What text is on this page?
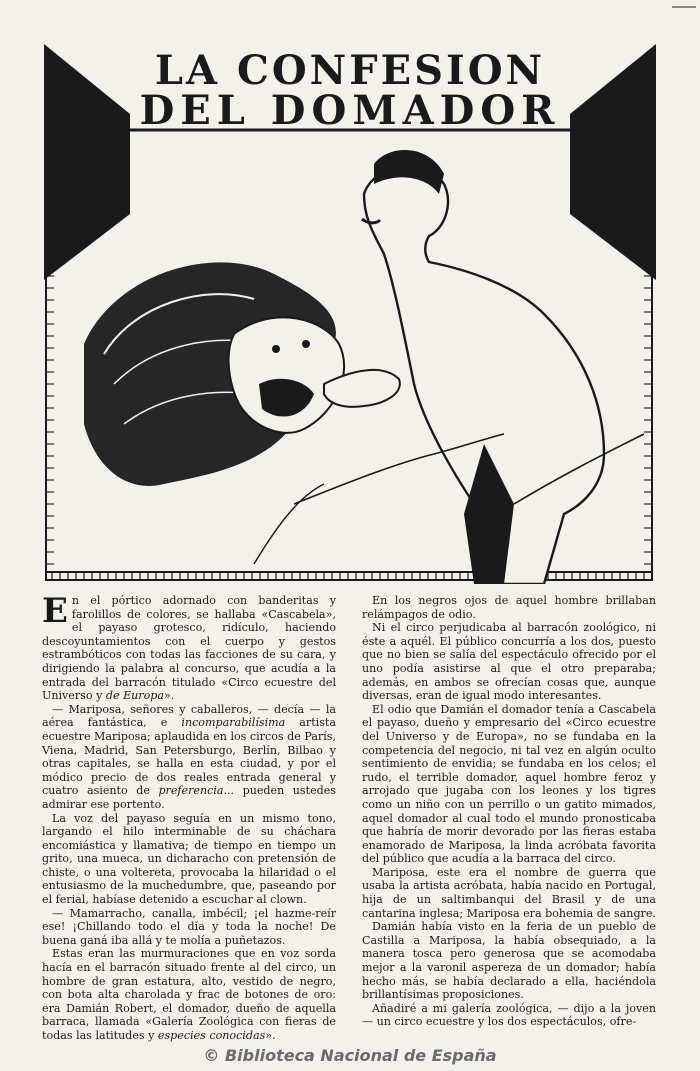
LA CONFESION
DEL DOMADOR

En el pórtico adornado con banderitas y farolillos de colores, se hallaba «Cascabela», el payaso grotesco, ridículo, haciendo descoyuntamientos con el cuerpo y gestos estrambóticos con todas las facciones de su cara, y dirigiendo la palabra al concurso, que acudía a la entrada del barracón titulado «Circo ecuestre del Universo y de Europa».

— Mariposa, señores y caballeros, — decía — la aérea fantástica, e incomparabilísima artista ecuestre Mariposa; aplaudida en los circos de París, Viena, Madrid, San Petersburgo, Berlín, Bilbao y otras capitales, se halla en esta ciudad, y por el módico precio de dos reales entrada general y cuatro asiento de preferencia... pueden ustedes admirar ese portento.

La voz del payaso seguía en un mismo tono, largando el hilo interminable de su cháchara encomiástica y llamativa; de tiempo en tiempo un grito, una mueca, un dicharacho con pretensión de chiste, o una voltereta, provocaba la hilaridad o el entusiasmo de la muchedumbre, que, paseando por el ferial, habíase detenido a escuchar al clown.

— Mamarracho, canalla, imbécil; ¡el hazme-reír ese! ¡Chillando todo el día y toda la noche! De buena ganá iba allá y te molía a puñetazos.

Estas eran las murmuraciones que en voz sorda hacía en el barracón situado frente al del circo, un hombre de gran estatura, alto, vestido de negro, con bota alta charolada y frac de botones de oro: era Damián Robert, el domador, dueño de aquella barraca, llamada «Galería Zoológica con fieras de todas las latitudes y especies conocidas».

En los negros ojos de aquel hombre brillaban relámpagos de odio.

Ni el circo perjudicaba al barracón zoológico, ni éste a aquél. El público concurría a los dos, puesto que no bien se salía del espectáculo ofrecido por el uno podía asistirse al que el otro preparaba; además, en ambos se ofrecían cosas que, aunque diversas, eran de igual modo interesantes.

El odio que Damián el domador tenía a Cascabela el payaso, dueño y empresario del «Circo ecuestre del Universo y de Europa», no se fundaba en la competencia del negocio, ni tal vez en algún oculto sentimiento de envidia; se fundaba en los celos; el rudo, el terrible domador, aquel hombre feroz y arrojado que jugaba con los leones y los tigres como un niño con un perrillo o un gatito mimados, aquel domador al cual todo el mundo pronosticaba que habría de morir devorado por las fieras estaba enamorado de Mariposa, la linda acróbata favorita del público que acudía a la barraca del circo.

Mariposa, este era el nombre de guerra que usaba la artista acróbata, había nacido en Portugal, hija de un saltimbanqui del Brasil y de una cantarina inglesa; Mariposa era bohemia de sangre.

Damián había visto en la feria de un pueblo de Castilla a Mariposa, la había obsequiado, a la manera tosca pero generosa que se acomodaba mejor a la varonil aspereza de un domador; había hecho más, se había declarado a ella, haciéndola brillantísimas proposiciones.

Añadiré a mi galería zoológica, — dijo a la joven — un circo ecuestre y los dos espectáculos, ofre-

© Biblioteca Nacional de España
